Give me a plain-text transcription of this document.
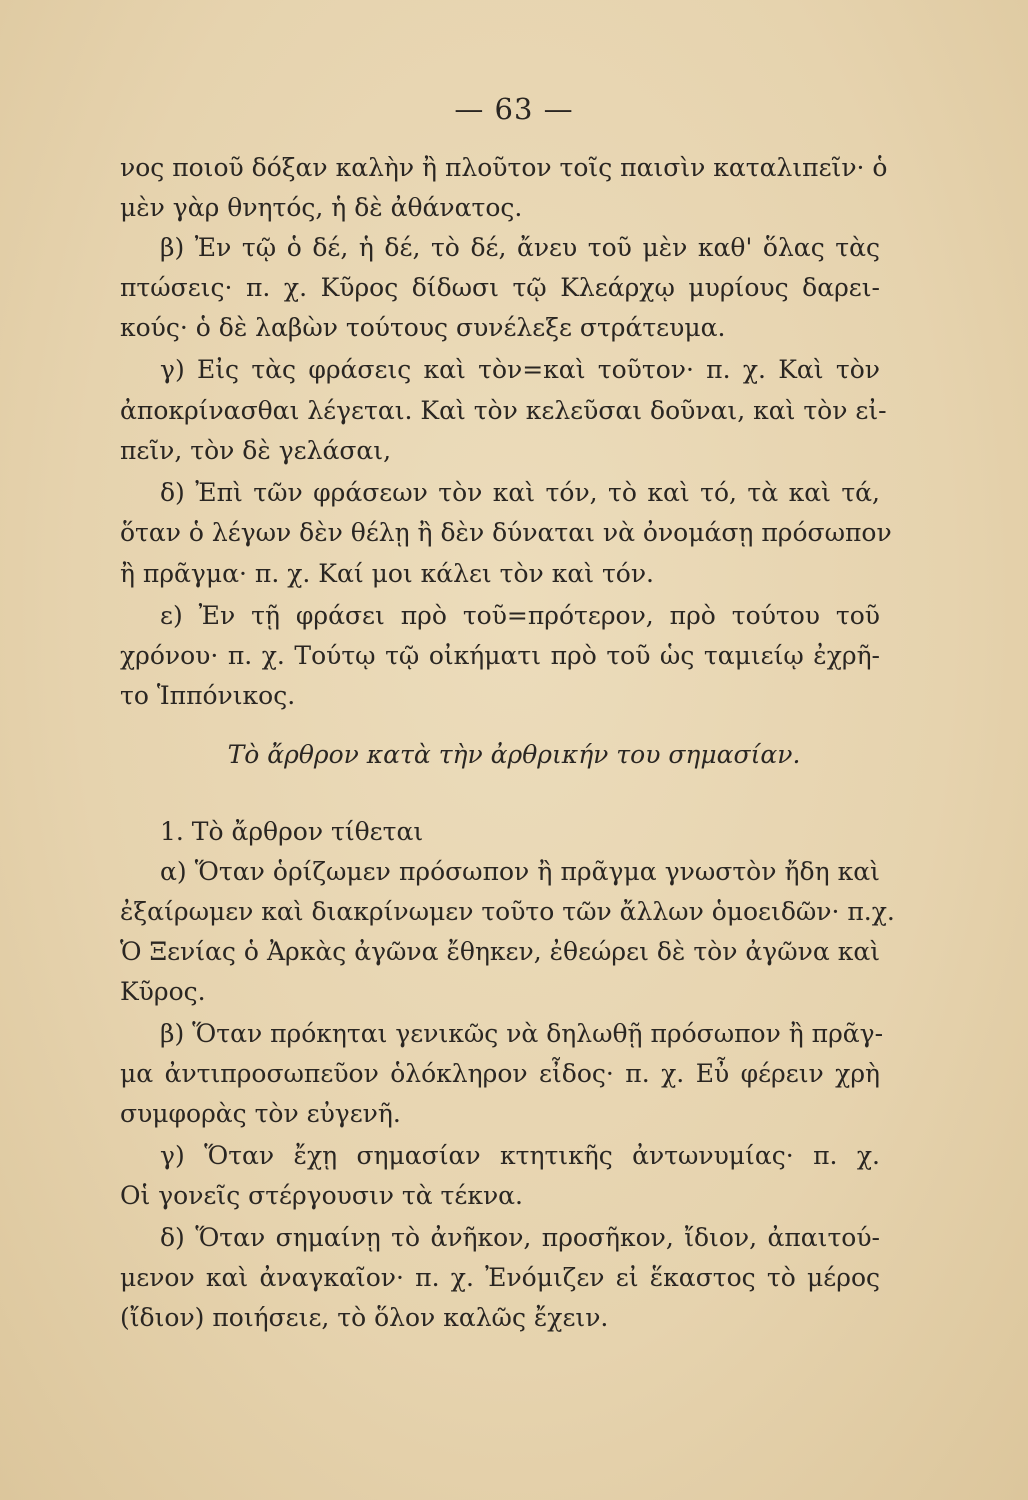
— 63 —
νος ποιοῦ δόξαν καλὴν ἢ πλοῦτον τοῖς παισὶν καταλιπεῖν· ὁ
μὲν γὰρ θνητός, ἡ δὲ ἀθάνατος.
β) Ἐν τῷ ὁ δέ, ἡ δέ, τὸ δέ, ἄνευ τοῦ μὲν καθ' ὅλας τὰς
πτώσεις· π. χ. Κῦρος δίδωσι τῷ Κλεάρχῳ μυρίους δαρει-
κούς· ὁ δὲ λαβὼν τούτους συνέλεξε στράτευμα.
γ) Εἰς τὰς φράσεις καὶ τὸν=καὶ τοῦτον· π. χ. Καὶ τὸν
ἀποκρίνασθαι λέγεται. Καὶ τὸν κελεῦσαι δοῦναι, καὶ τὸν εἰ-
πεῖν, τὸν δὲ γελάσαι,
δ) Ἐπὶ τῶν φράσεων τὸν καὶ τόν, τὸ καὶ τό, τὰ καὶ τά,
ὅταν ὁ λέγων δὲν θέλῃ ἢ δὲν δύναται νὰ ὀνομάσῃ πρόσωπον
ἢ πρᾶγμα· π. χ. Καί μοι κάλει τὸν καὶ τόν.
ε) Ἐν τῇ φράσει πρὸ τοῦ=πρότερον, πρὸ τούτου τοῦ
χρόνου· π. χ. Τούτῳ τῷ οἰκήματι πρὸ τοῦ ὡς ταμιείῳ ἐχρῆ-
το Ἱππόνικος.
Τὸ ἄρθρον κατὰ τὴν ἀρθρικήν του σημασίαν.
1. Τὸ ἄρθρον τίθεται
α) Ὅταν ὁρίζωμεν πρόσωπον ἢ πρᾶγμα γνωστὸν ἤδη καὶ
ἐξαίρωμεν καὶ διακρίνωμεν τοῦτο τῶν ἄλλων ὁμοειδῶν· π.χ.
Ὁ Ξενίας ὁ Ἀρκὰς ἀγῶνα ἔθηκεν, ἐθεώρει δὲ τὸν ἀγῶνα καὶ
Κῦρος.
β) Ὅταν πρόκηται γενικῶς νὰ δηλωθῇ πρόσωπον ἢ πρᾶγ-
μα ἀντιπροσωπεῦον ὁλόκληρον εἶδος· π. χ. Εὖ φέρειν χρὴ
συμφορὰς τὸν εὐγενῆ.
γ) Ὅταν ἔχῃ σημασίαν κτητικῆς ἀντωνυμίας· π. χ.
Οἱ γονεῖς στέργουσιν τὰ τέκνα.
δ) Ὅταν σημαίνῃ τὸ ἀνῆκον, προσῆκον, ἴδιον, ἀπαιτού-
μενον καὶ ἀναγκαῖον· π. χ. Ἐνόμιζεν εἰ ἕκαστος τὸ μέρος
(ἴδιον) ποιήσειε, τὸ ὅλον καλῶς ἔχειν.
